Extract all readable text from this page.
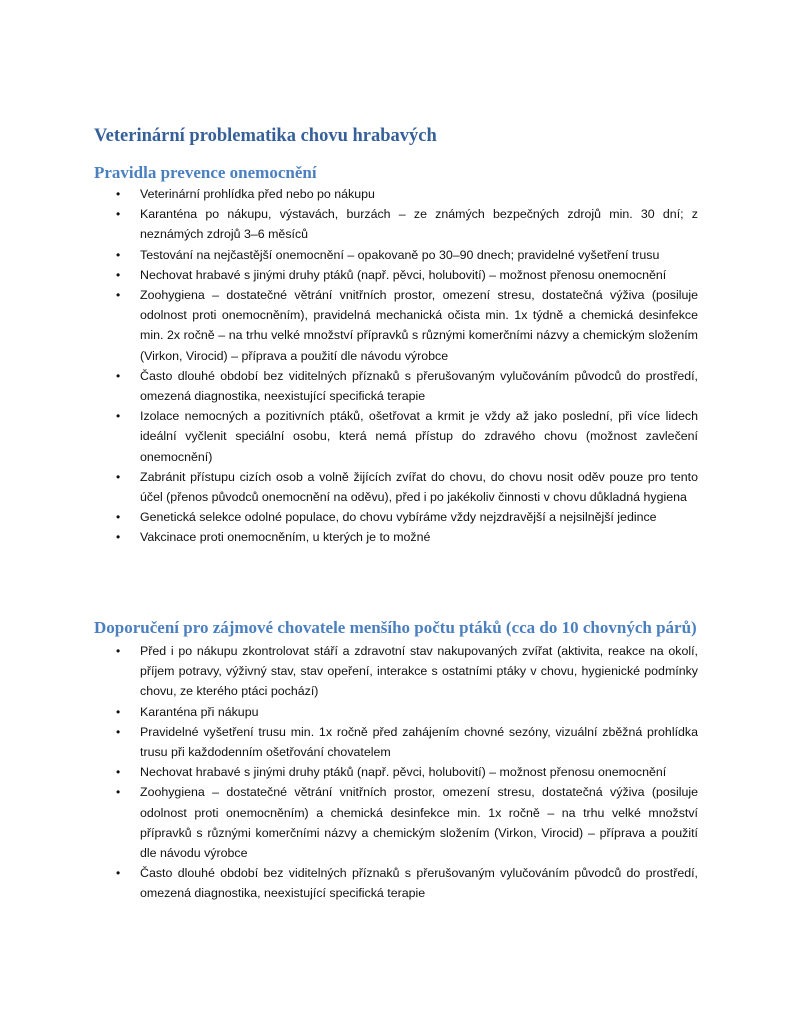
Veterinární problematika chovu hrabavých
Pravidla prevence onemocnění
•	Veterinární prohlídka před nebo po nákupu
•	Karanténa po nákupu, výstavách, burzách – ze známých bezpečných zdrojů min. 30 dní; z neznámých zdrojů 3–6 měsíců
•	Testování na nejčastější onemocnění – opakovaně po 30–90 dnech; pravidelné vyšetření trusu
•	Nechovat hrabavé s jinými druhy ptáků (např. pěvci, holubovití) – možnost přenosu onemocnění
•	Zoohygiena – dostatečné větrání vnitřních prostor, omezení stresu, dostatečná výživa (posiluje odolnost proti onemocněním), pravidelná mechanická očista min. 1x týdně a chemická desinfekce min. 2x ročně – na trhu velké množství přípravků s různými komerčními názvy a chemickým složením (Virkon, Virocid) – příprava a použití dle návodu výrobce
•	Často dlouhé období bez viditelných příznaků s přerušovaným vylučováním původců do prostředí, omezená diagnostika, neexistující specifická terapie
•	Izolace nemocných a pozitivních ptáků, ošetřovat a krmit je vždy až jako poslední, při více lidech ideální vyčlenit speciální osobu, která nemá přístup do zdravého chovu (možnost zavlečení onemocnění)
•	Zabránit přístupu cizích osob a volně žijících zvířat do chovu, do chovu nosit oděv pouze pro tento účel (přenos původců onemocnění na oděvu), před i po jakékoliv činnosti v chovu důkladná hygiena
•	Genetická selekce odolné populace, do chovu vybíráme vždy nejzdravější a nejsilnější jedince
•	Vakcinace proti onemocněním, u kterých je to možné
Doporučení pro zájmové chovatele menšího počtu ptáků (cca do 10 chovných párů)
•	Před i po nákupu zkontrolovat stáří a zdravotní stav nakupovaných zvířat (aktivita, reakce na okolí, příjem potravy, výživný stav, stav opeření, interakce s ostatními ptáky v chovu, hygienické podmínky chovu, ze kterého ptáci pochází)
•	Karanténa při nákupu
•	Pravidelné vyšetření trusu min. 1x ročně před zahájením chovné sezóny, vizuální zběžná prohlídka trusu při každodenním ošetřování chovatelem
•	Nechovat hrabavé s jinými druhy ptáků (např. pěvci, holubovití) – možnost přenosu onemocnění
•	Zoohygiena – dostatečné větrání vnitřních prostor, omezení stresu, dostatečná výživa (posiluje odolnost proti onemocněním) a chemická desinfekce min. 1x ročně – na trhu velké množství přípravků s různými komerčními názvy a chemickým složením (Virkon, Virocid) – příprava a použití dle návodu výrobce
•	Často dlouhé období bez viditelných příznaků s přerušovaným vylučováním původců do prostředí, omezená diagnostika, neexistující specifická terapie
